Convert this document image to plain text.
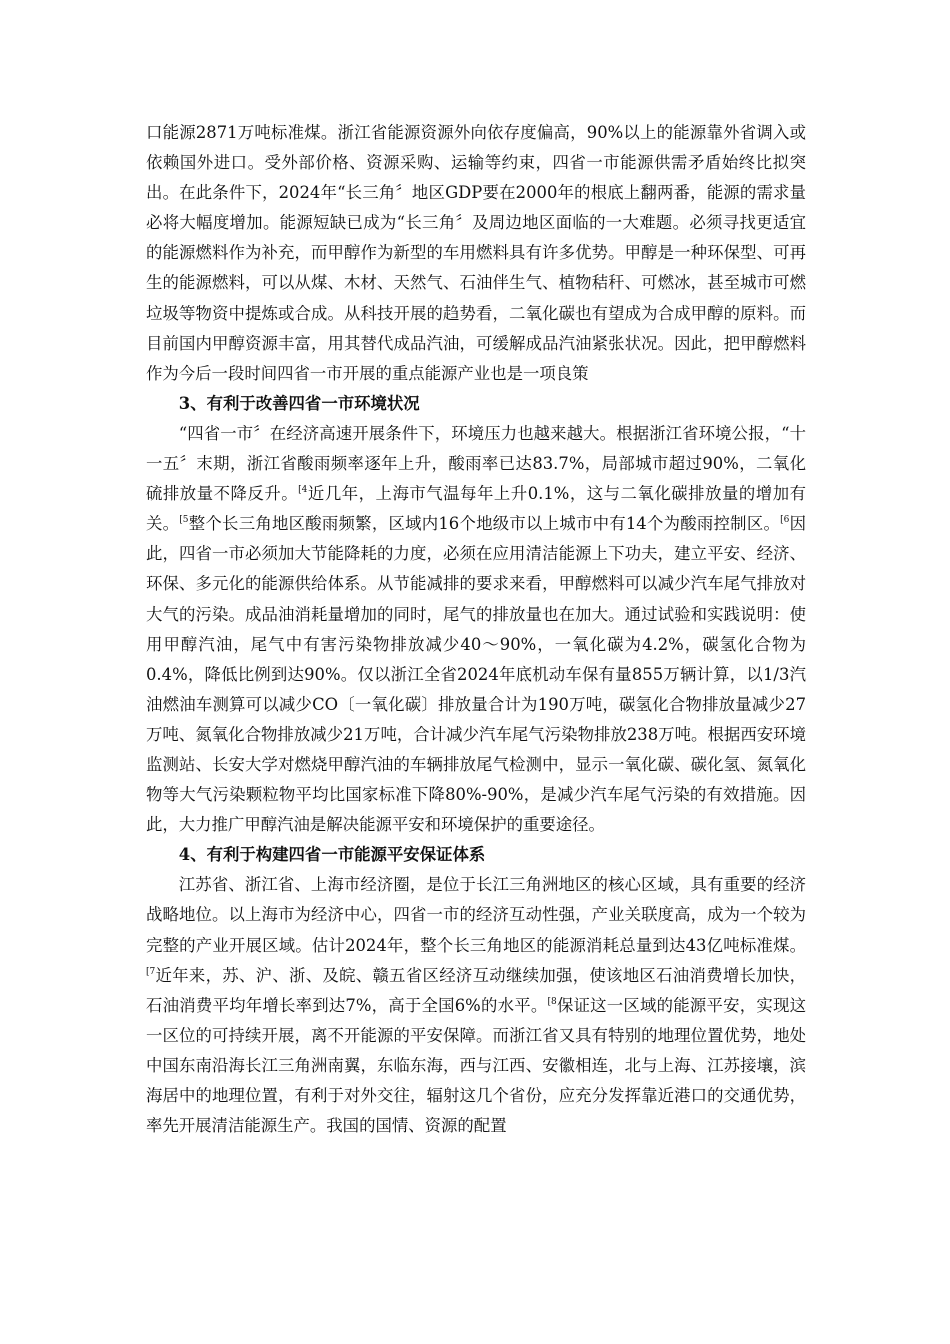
口能源2871万吨标准煤。浙江省能源资源外向依存度偏高，90%以上的能源靠外省调入或依赖国外进口。受外部价格、资源采购、运输等约束，四省一市能源供需矛盾始终比拟突出。在此条件下，2024年“长三角〞地区GDP要在2000年的根底上翻两番，能源的需求量必将大幅度增加。能源短缺已成为“长三角〞及周边地区面临的一大难题。必须寻找更适宜的能源燃料作为补充，而甲醇作为新型的车用燃料具有许多优势。甲醇是一种环保型、可再生的能源燃料，可以从煤、木材、天然气、石油伴生气、植物秸秆、可燃冰，甚至城市可燃垃圾等物资中提炼或合成。从科技开展的趋势看，二氧化碳也有望成为合成甲醇的原料。而目前国内甲醇资源丰富，用其替代成品汽油，可缓解成品汽油紧张状况。因此，把甲醇燃料作为今后一段时间四省一市开展的重点能源产业也是一项良策

3、有利于改善四省一市环境状况

“四省一市〞在经济高速开展条件下，环境压力也越来越大。根据浙江省环境公报，“十一五〞末期，浙江省酸雨频率逐年上升，酸雨率已达83.7%，局部城市超过90%，二氧化硫排放量不降反升。$^{[4}$近几年，上海市气温每年上升0.1%，这与二氧化碳排放量的增加有关。$^{[5}$整个长三角地区酸雨频繁，区域内16个地级市以上城市中有14个为酸雨控制区。$^{[6}$因此，四省一市必须加大节能降耗的力度，必须在应用清洁能源上下功夫，建立平安、经济、环保、多元化的能源供给体系。从节能减排的要求来看，甲醇燃料可以减少汽车尾气排放对大气的污染。成品油消耗量增加的同时，尾气的排放量也在加大。通过试验和实践说明：使用甲醇汽油，尾气中有害污染物排放减少40～90%，一氧化碳为4.2%，碳氢化合物为0.4%，降低比例到达90%。仅以浙江全省2024年底机动车保有量855万辆计算，以1/3汽油燃油车测算可以减少CO〔一氧化碳〕排放量合计为190万吨，碳氢化合物排放量减少27万吨、氮氧化合物排放减少21万吨，合计减少汽车尾气污染物排放238万吨。根据西安环境监测站、长安大学对燃烧甲醇汽油的车辆排放尾气检测中，显示一氧化碳、碳化氢、氮氧化物等大气污染颗粒物平均比国家标准下降80%-90%，是减少汽车尾气污染的有效措施。因此，大力推广甲醇汽油是解决能源平安和环境保护的重要途径。

4、有利于构建四省一市能源平安保证体系

江苏省、浙江省、上海市经济圈，是位于长江三角洲地区的核心区域，具有重要的经济战略地位。以上海市为经济中心，四省一市的经济互动性强，产业关联度高，成为一个较为完整的产业开展区域。估计2024年，整个长三角地区的能源消耗总量到达43亿吨标准煤。$^{[7}$近年来，苏、沪、浙、及皖、赣五省区经济互动继续加强，使该地区石油消费增长加快，石油消费平均年增长率到达7%，高于全国6%的水平。$^{[8}$保证这一区域的能源平安，实现这一区位的可持续开展，离不开能源的平安保障。而浙江省又具有特别的地理位置优势，地处中国东南沿海长江三角洲南翼，东临东海，西与江西、安徽相连，北与上海、江苏接壤，滨海居中的地理位置，有利于对外交往，辐射这几个省份，应充分发挥靠近港口的交通优势，率先开展清洁能源生产。我国的国情、资源的配置
